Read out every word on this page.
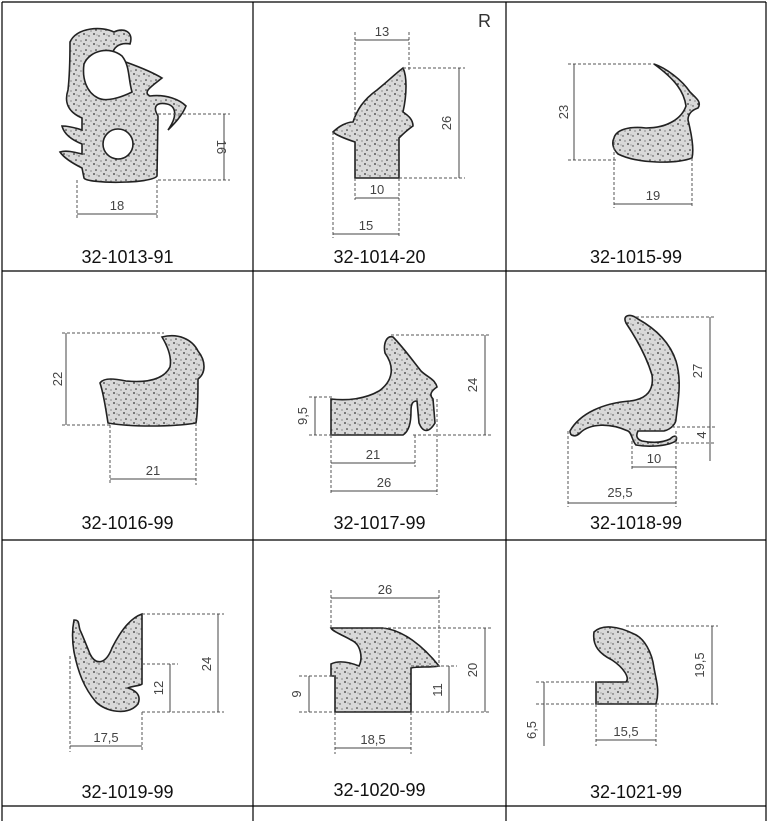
R
16
18
32-1013-91
13
26
10
15
32-1014-20
23
19
32-1015-99
22
21
32-1016-99
24
9,5
21
26
32-1017-99
27
4
10
25,5
32-1018-99
24
12
17,5
32-1019-99
26
20
11
9
18,5
32-1020-99
19,5
6,5	15,5
32-1021-99
